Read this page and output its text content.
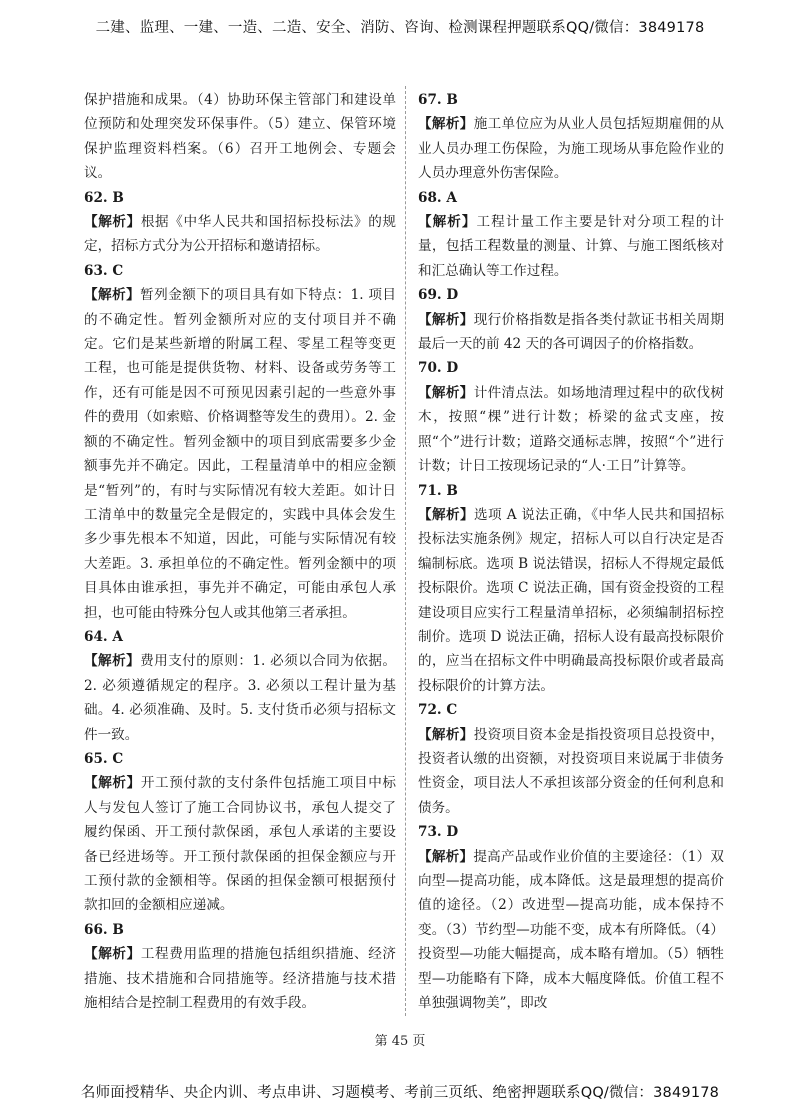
二建、监理、一建、一造、二造、安全、消防、咨询、检测课程押题联系QQ/微信：3849178

保护措施和成果。（4）协助环保主管部门和建设单位预防和处理突发环保事件。（5）建立、保管环境保护监理资料档案。（6）召开工地例会、专题会议。

62. B
【解析】根据《中华人民共和国招标投标法》的规定，招标方式分为公开招标和邀请招标。
63. C
【解析】暂列金额下的项目具有如下特点：1. 项目的不确定性。暂列金额所对应的支付项目并不确定。它们是某些新增的附属工程、零星工程等变更工程，也可能是提供货物、材料、设备或劳务等工作，还有可能是因不可预见因素引起的一些意外事件的费用（如索赔、价格调整等发生的费用）。2. 金额的不确定性。暂列金额中的项目到底需要多少金额事先并不确定。因此，工程量清单中的相应金额是“暂列”的，有时与实际情况有较大差距。如计日工清单中的数量完全是假定的，实践中具体会发生多少事先根本不知道，因此，可能与实际情况有较大差距。3. 承担单位的不确定性。暂列金额中的项目具体由谁承担，事先并不确定，可能由承包人承担，也可能由特殊分包人或其他第三者承担。
64. A
【解析】费用支付的原则：1. 必须以合同为依据。2. 必须遵循规定的程序。3. 必须以工程计量为基础。4. 必须准确、及时。5. 支付货币必须与招标文件一致。
65. C
【解析】开工预付款的支付条件包括施工项目中标人与发包人签订了施工合同协议书，承包人提交了履约保函、开工预付款保函，承包人承诺的主要设备已经进场等。开工预付款保函的担保金额应与开工预付款的金额相等。保函的担保金额可根据预付款扣回的金额相应递减。
66. B
【解析】工程费用监理的措施包括组织措施、经济措施、技术措施和合同措施等。经济措施与技术措施相结合是控制工程费用的有效手段。
67. B
【解析】施工单位应为从业人员包括短期雇佣的从业人员办理工伤保险，为施工现场从事危险作业的人员办理意外伤害保险。
68. A
【解析】工程计量工作主要是针对分项工程的计量，包括工程数量的测量、计算、与施工图纸核对和汇总确认等工作过程。
69. D
【解析】现行价格指数是指各类付款证书相关周期最后一天的前 42 天的各可调因子的价格指数。
70. D
【解析】计件清点法。如场地清理过程中的砍伐树木，按照“棵”进行计数；桥梁的盆式支座，按照“个”进行计数；道路交通标志牌，按照“个”进行计数；计日工按现场记录的“人·工日”计算等。
71. B
【解析】选项 A 说法正确，《中华人民共和国招标投标法实施条例》规定，招标人可以自行决定是否编制标底。选项 B 说法错误，招标人不得规定最低投标限价。选项 C 说法正确，国有资金投资的工程建设项目应实行工程量清单招标，必须编制招标控制价。选项 D 说法正确，招标人设有最高投标限价的，应当在招标文件中明确最高投标限价或者最高投标限价的计算方法。
72. C
【解析】投资项目资本金是指投资项目总投资中，投资者认缴的出资额，对投资项目来说属于非债务性资金，项目法人不承担该部分资金的任何利息和债务。
73. D
【解析】提高产品或作业价值的主要途径：（1）双向型—提高功能，成本降低。这是最理想的提高价值的途径。（2）改进型—提高功能，成本保持不变。（3）节约型—功能不变，成本有所降低。（4）投资型—功能大幅提高，成本略有增加。（5）牺牲型—功能略有下降，成本大幅度降低。价值工程不单独强调物美”，即改
第 45 页
名师面授精华、央企内训、考点串讲、习题模考、考前三页纸、绝密押题联系QQ/微信：3849178
